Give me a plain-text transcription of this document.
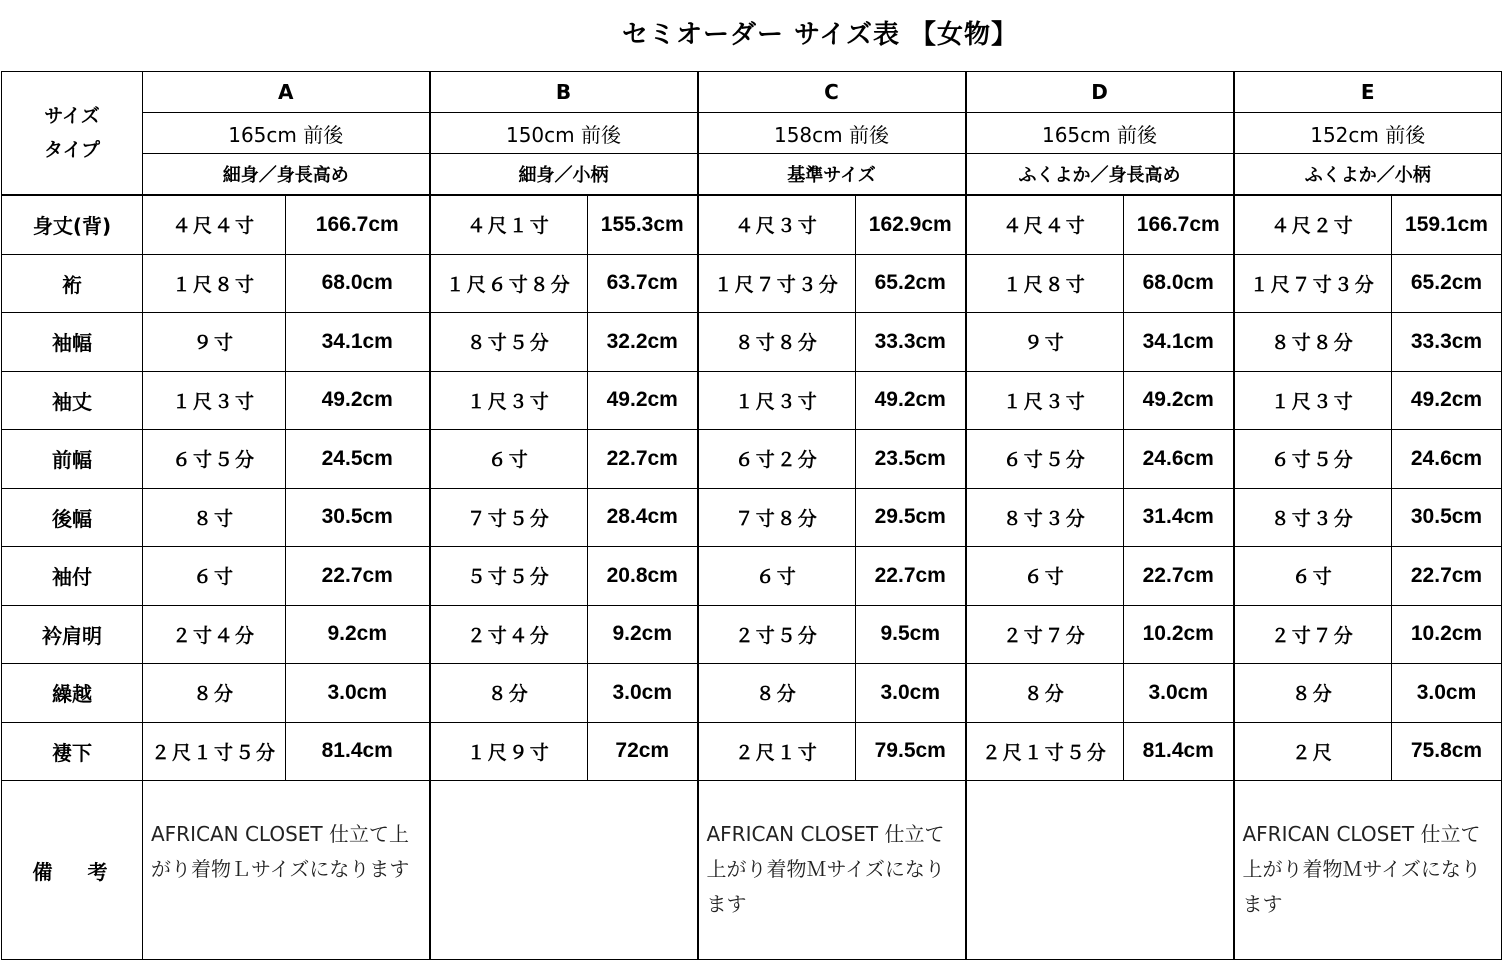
セミオーダー サイズ表 【女物】
サイズ
タイプ	A		B		C		D		E	
	165cm 前後		150cm 前後		158cm 前後		165cm 前後		152cm 前後	
	細身／身長高め		細身／小柄		基準サイズ		ふくよか／身長高め		ふくよか／小柄	
身丈(背)	４尺４寸	166.7cm	４尺１寸	155.3cm	４尺３寸	162.9cm	４尺４寸	166.7cm	４尺２寸	159.1cm
裄	１尺８寸	68.0cm	１尺６寸８分	63.7cm	１尺７寸３分	65.2cm	１尺８寸	68.0cm	１尺７寸３分	65.2cm
袖幅	９寸	34.1cm	８寸５分	32.2cm	８寸８分	33.3cm	９寸	34.1cm	８寸８分	33.3cm
袖丈	１尺３寸	49.2cm	１尺３寸	49.2cm	１尺３寸	49.2cm	１尺３寸	49.2cm	１尺３寸	49.2cm
前幅	６寸５分	24.5cm	６寸	22.7cm	６寸２分	23.5cm	６寸５分	24.6cm	６寸５分	24.6cm
後幅	８寸	30.5cm	７寸５分	28.4cm	７寸８分	29.5cm	８寸３分	31.4cm	８寸３分	30.5cm
袖付	６寸	22.7cm	５寸５分	20.8cm	６寸	22.7cm	６寸	22.7cm	６寸	22.7cm
衿肩明	２寸４分	9.2cm	２寸４分	9.2cm	２寸５分	9.5cm	２寸７分	10.2cm	２寸７分	10.2cm
繰越	８分	3.0cm	８分	3.0cm	８分	3.0cm	８分	3.0cm	８分	3.0cm
褄下	２尺１寸５分	81.4cm	１尺９寸	72cm	２尺１寸	79.5cm	２尺１寸５分	81.4cm	２尺	75.8cm
備 考	AFRICAN CLOSET 仕立て上がり着物Ｌサイズになります				AFRICAN CLOSET 仕立て上がり着物Ｍサイズになります				AFRICAN CLOSET 仕立て上がり着物Ｍサイズになります	
